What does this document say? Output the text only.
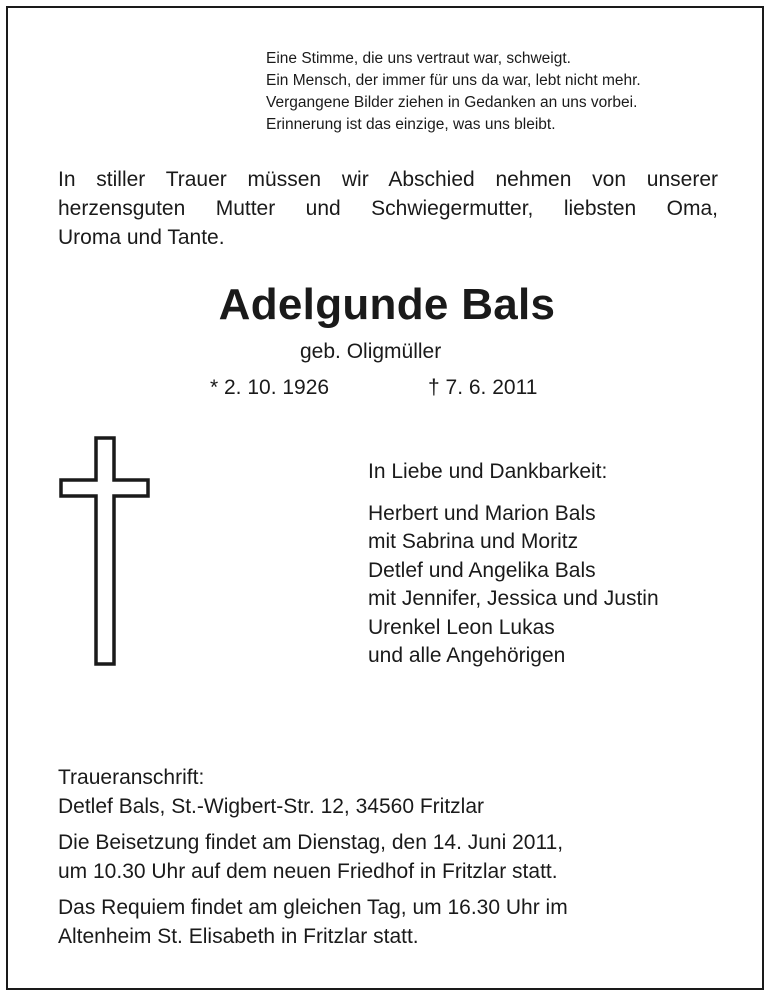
Eine Stimme, die uns vertraut war, schweigt.
Ein Mensch, der immer für uns da war, lebt nicht mehr.
Vergangene Bilder ziehen in Gedanken an uns vorbei.
Erinnerung ist das einzige, was uns bleibt.
In stiller Trauer müssen wir Abschied nehmen von unserer
herzensguten Mutter und Schwiegermutter, liebsten Oma,
Uroma und Tante.
Adelgunde Bals
geb. Oligmüller
* 2. 10. 1926	† 7. 6. 2011
In Liebe und Dankbarkeit:
Herbert und Marion Bals
mit Sabrina und Moritz
Detlef und Angelika Bals
mit Jennifer, Jessica und Justin
Urenkel Leon Lukas
und alle Angehörigen
Traueranschrift:
Detlef Bals, St.-Wigbert-Str. 12, 34560 Fritzlar
Die Beisetzung findet am Dienstag, den 14. Juni 2011,
um 10.30 Uhr auf dem neuen Friedhof in Fritzlar statt.
Das Requiem findet am gleichen Tag, um 16.30 Uhr im
Altenheim St. Elisabeth in Fritzlar statt.
